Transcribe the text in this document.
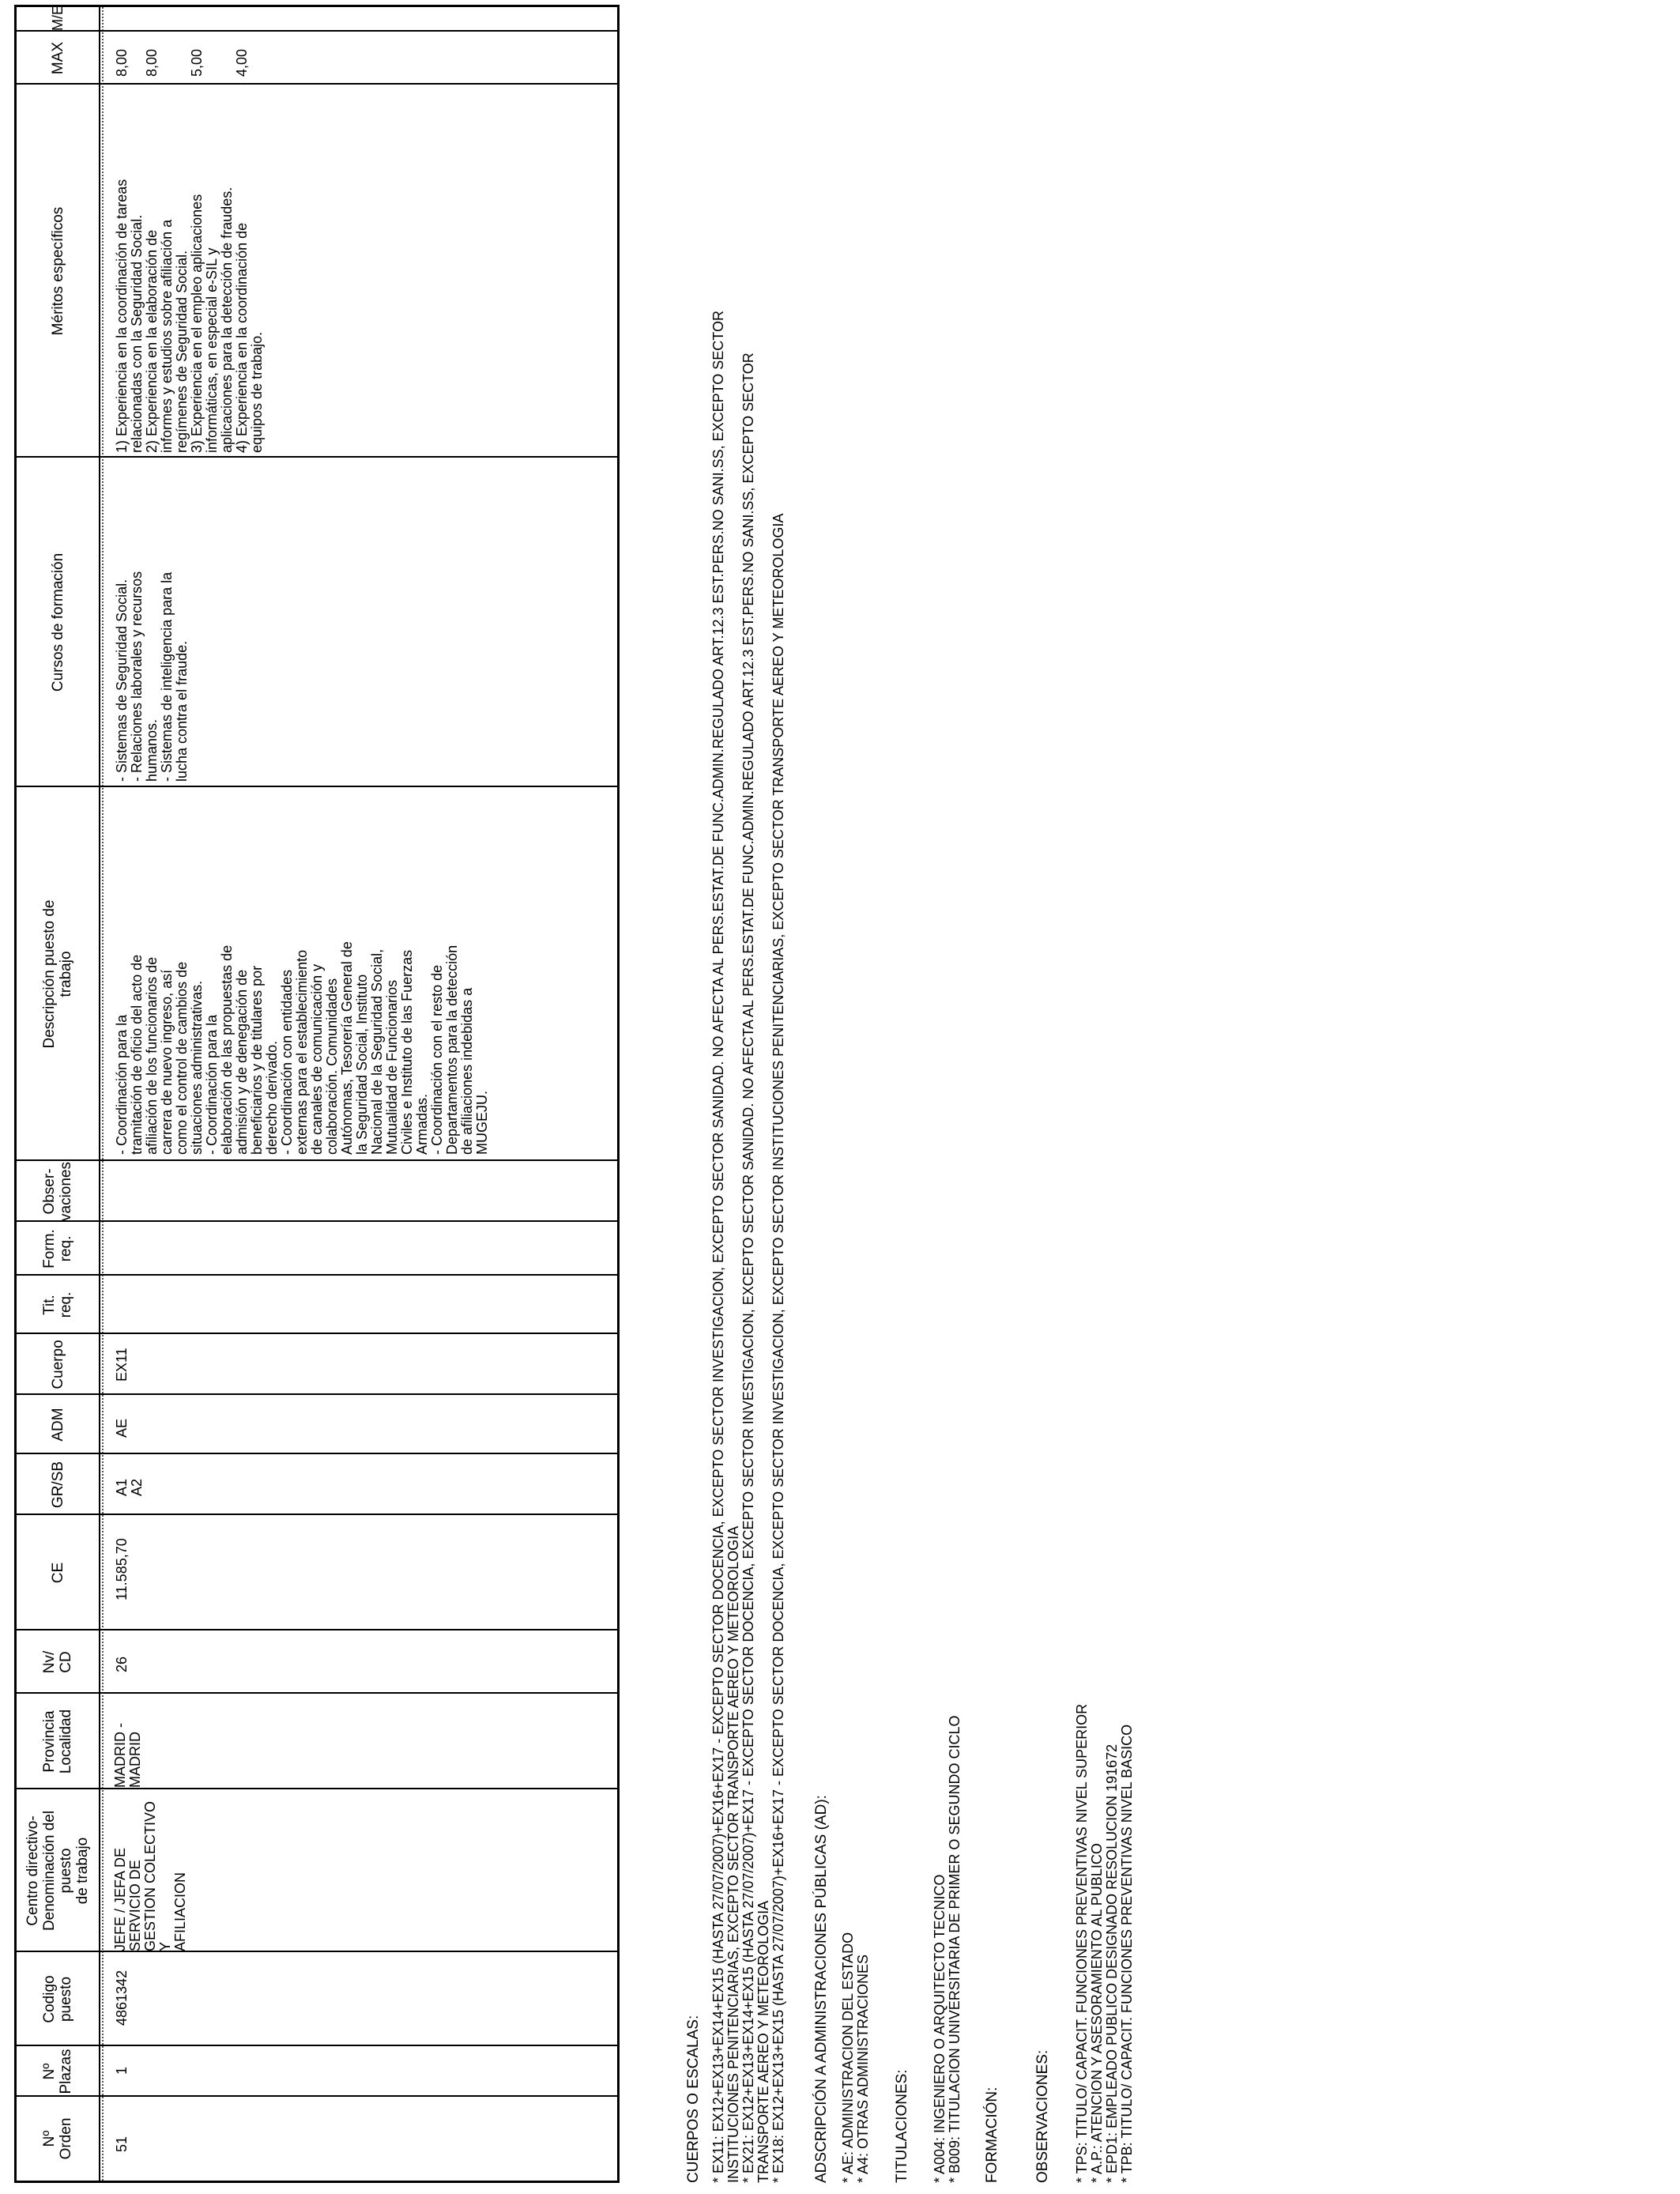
Nº
Orden
Nº
Plazas
Codigo
puesto
Centro directivo-
Denominación del puesto
de trabajo
Provincia
Localidad
Nv/
CD
CE
GR/SB
ADM
Cuerpo
Tit.
req.
Form.
req.
Obser-
vaciones
Descripción puesto de
trabajo
Cursos de formación
Méritos específicos
MAX
M/E
51
1
4861342
JEFE / JEFA DE SERVICIO DE
GESTION COLECTIVO Y
AFILIACION
MADRID -
MADRID
26
11.585,70
A1
A2
AE
EX11
- Coordinación para la
tramitación de oficio del acto de
afiliación de los funcionarios de
carrera de nuevo ingreso, así
como el control de cambios de
situaciones administrativas.
- Coordinación para la
elaboración de las propuestas de
admisión y de denegación de
beneficiarios y de titulares por
derecho derivado.
- Coordinación con entidades
externas para el establecimiento
de canales de comunicación y
colaboración. Comunidades
Autónomas, Tesorería General de
la Seguridad Social, Instituto
Nacional de la Seguridad Social,
Mutualidad de Funcionarios
Civiles e Instituto de las Fuerzas
Armadas.
- Coordinación con el resto de
Departamentos para la detección
de afiliaciones indebidas a
MUGEJU.
- Sistemas de Seguridad Social.
- Relaciones laborales y recursos
humanos.
- Sistemas de inteligencia para la
lucha contra el fraude.
1) Experiencia en la coordinación de tareas
relacionadas con la Seguridad Social.
2) Experiencia en la elaboración de
informes y estudios sobre afiliación a
regímenes de Seguridad Social.
3) Experiencia en el empleo aplicaciones
informáticas, en especial e-SIL y
aplicaciones para la detección de fraudes.
4) Experiencia en la coordinación de
equipos de trabajo.
8,00 8,00 5,00 4,00
CUERPOS O ESCALAS: * EX11: EX12+EX13+EX14+EX15 (HASTA 27/07/2007)+EX16+EX17 - EXCEPTO SECTOR DOCENCIA, EXCEPTO SECTOR INVESTIGACION, EXCEPTO SECTOR SANIDAD. NO AFECTA AL PERS.ESTAT.DE FUNC.ADMIN.REGULADO ART.12.3 EST.PERS.NO SANI.SS, EXCEPTO SECTOR
INSTITUCIONES PENITENCIARIAS, EXCEPTO SECTOR TRANSPORTE AEREO Y METEOROLOGIA
* EX21: EX12+EX13+EX14+EX15 (HASTA 27/07/2007)+EX17 - EXCEPTO SECTOR DOCENCIA, EXCEPTO SECTOR INVESTIGACION, EXCEPTO SECTOR SANIDAD. NO AFECTA AL PERS.ESTAT.DE FUNC.ADMIN.REGULADO ART.12.3 EST.PERS.NO SANI.SS, EXCEPTO SECTOR
TRANSPORTE AEREO Y METEOROLOGIA
* EX18: EX12+EX13+EX15 (HASTA 27/07/2007)+EX16+EX17 - EXCEPTO SECTOR DOCENCIA, EXCEPTO SECTOR INVESTIGACION, EXCEPTO SECTOR INSTITUCIONES PENITENCIARIAS, EXCEPTO SECTOR TRANSPORTE AEREO Y METEOROLOGIA
ADSCRIPCIÓN A ADMINISTRACIONES PÚBLICAS (AD): * AE: ADMINISTRACION DEL ESTADO
* A4: OTRAS ADMINISTRACIONES
TITULACIONES: * A004: INGENIERO O ARQUITECTO TECNICO
* B009: TITULACION UNIVERSITARIA DE PRIMER O SEGUNDO CICLO
FORMACIÓN: OBSERVACIONES: * TPS: TITULO/ CAPACIT. FUNCIONES PREVENTIVAS NIVEL SUPERIOR
* A.P.: ATENCION Y ASESORAMIENTO AL PUBLICO
* EPD1: EMPLEADO PUBLICO DESIGNADO RESOLUCION 191672
* TPB: TITULO/ CAPACIT. FUNCIONES PREVENTIVAS NIVEL BASICO
